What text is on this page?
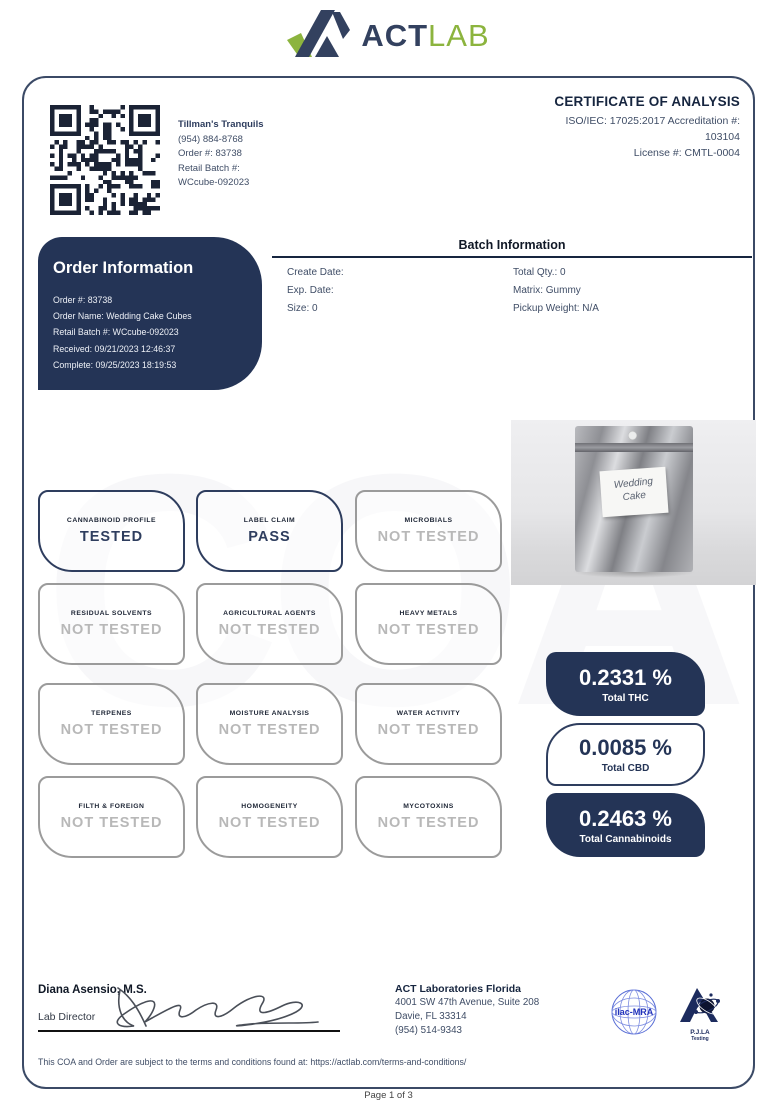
ACTLAB
Tillman's Tranquils
(954) 884-8768
Order #: 83738
Retail Batch #:
WCcube-092023
CERTIFICATE OF ANALYSIS
ISO/IEC: 17025:2017 Accreditation #:
103104
License #: CMTL-0004
Order Information
Order #: 83738
Order Name: Wedding Cake Cubes
Retail Batch #: WCcube-092023
Received: 09/21/2023 12:46:37
Complete: 09/25/2023 18:19:53
Batch Information
Create Date:
Exp. Date:
Size: 0
Total Qty.: 0
Matrix: Gummy
Pickup Weight: N/A
Wedding
Cake
CANNABINOID PROFILE
TESTED
LABEL CLAIM
PASS
MICROBIALS
NOT TESTED
RESIDUAL SOLVENTS
NOT TESTED
AGRICULTURAL AGENTS
NOT TESTED
HEAVY METALS
NOT TESTED
TERPENES
NOT TESTED
MOISTURE ANALYSIS
NOT TESTED
WATER ACTIVITY
NOT TESTED
FILTH & FOREIGN
NOT TESTED
HOMOGENEITY
NOT TESTED
MYCOTOXINS
NOT TESTED
0.2331 %
Total THC
0.0085 %
Total CBD
0.2463 %
Total Cannabinoids
Diana Asensio, M.S.
Lab Director
ACT Laboratories Florida
4001 SW 47th Avenue, Suite 208
Davie, FL 33314
(954) 514-9343
ilac-MRA
P.J.LA
Testing
This COA and Order are subject to the terms and conditions found at: https://actlab.com/terms-and-conditions/
Page 1 of 3
